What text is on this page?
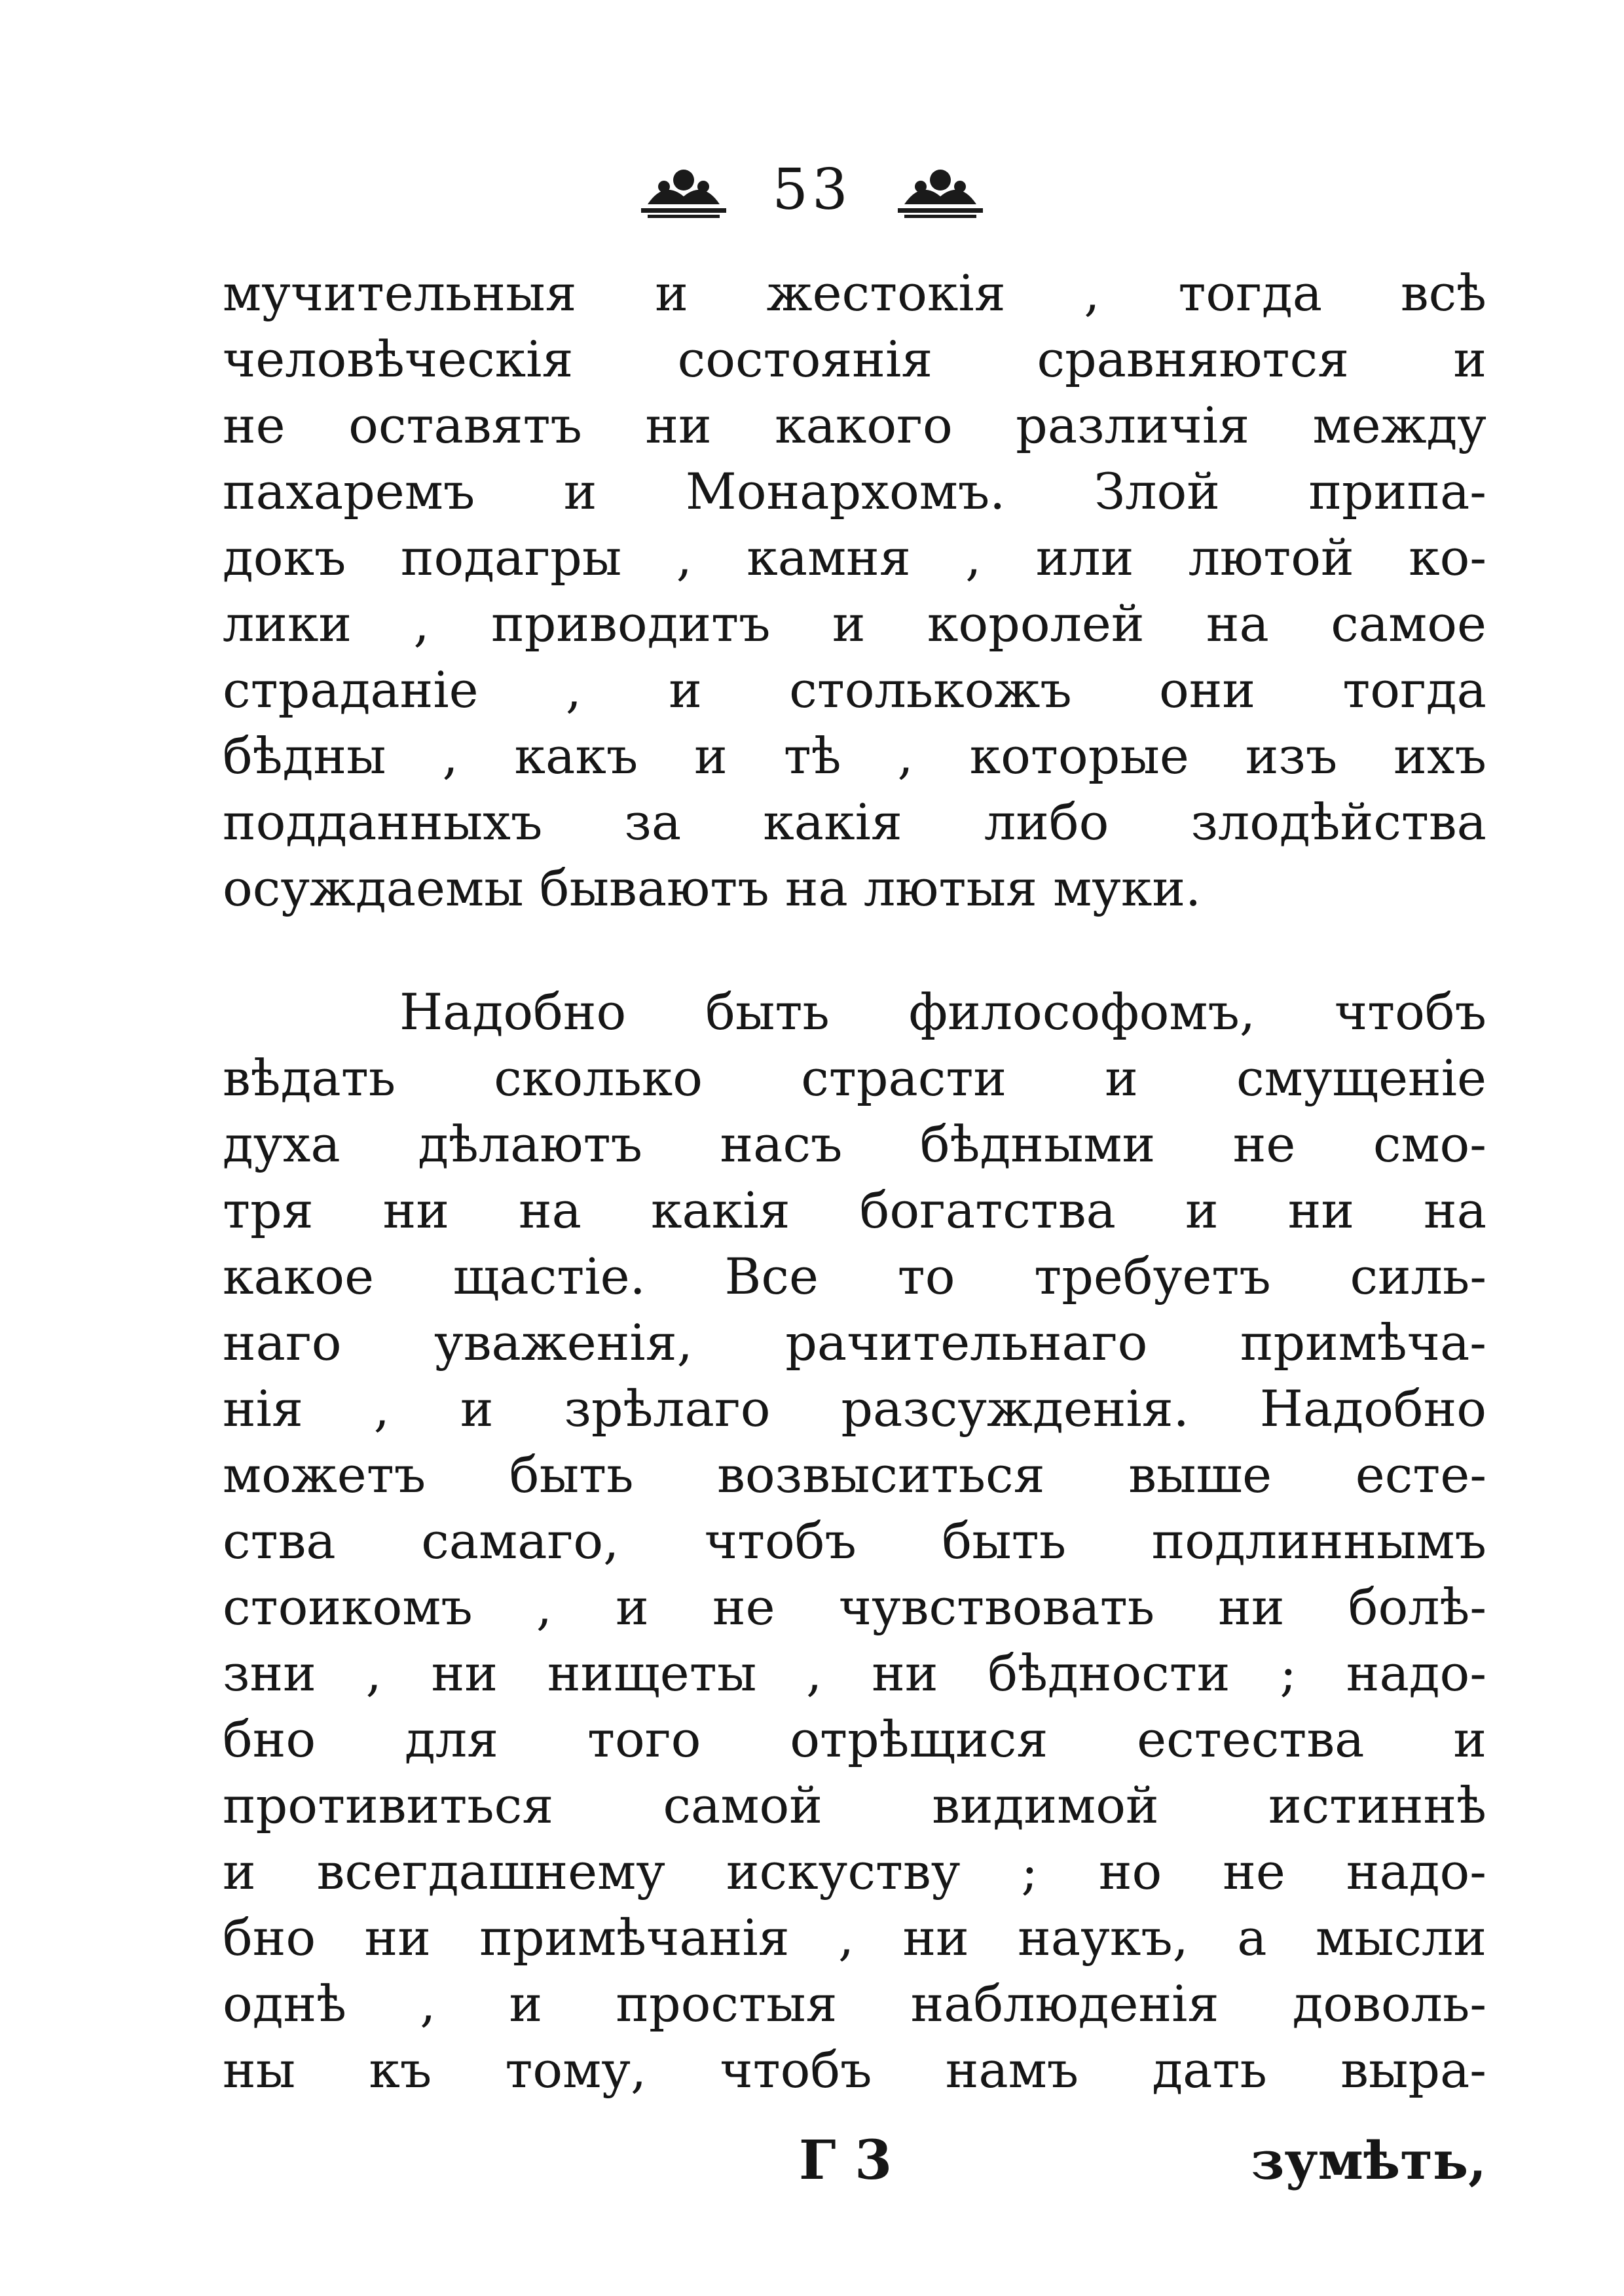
53
мучительныя и жестокія , тогда всѣ
человѣческія состоянія сравняются и
не оставятъ ни какого различія между
пахаремъ и Монархомъ. Злой припа-
докъ подагры , камня , или лютой ко-
лики , приводитъ и королей на самое
страданіе , и столькожъ они тогда
бѣдны , какъ и тѣ , которые изъ ихъ
подданныхъ за какія либо злодѣйства
осуждаемы бываютъ на лютыя муки.
Надобно быть философомъ, чтобъ
вѣдать сколько страсти и смущеніе
духа дѣлаютъ насъ бѣдными не смо-
тря ни на какія богатства и ни на
какое щастіе. Все то требуетъ силь-
наго уваженія, рачительнаго примѣча-
нія , и зрѣлаго разсужденія. Надобно
можетъ быть возвыситься выше есте-
ства самаго, чтобъ быть подлиннымъ
стоикомъ , и не чувствовать ни болѣ-
зни , ни нищеты , ни бѣдности ; надо-
бно для того отрѣщися естества и
противиться самой видимой истиннѣ
и всегдашнему искуству ; но не надо-
бно ни примѣчанія , ни наукъ, а мысли
однѣ , и простыя наблюденія доволь-
ны къ тому, чтобъ намъ дать выра-
Г 3	зумѣть,
